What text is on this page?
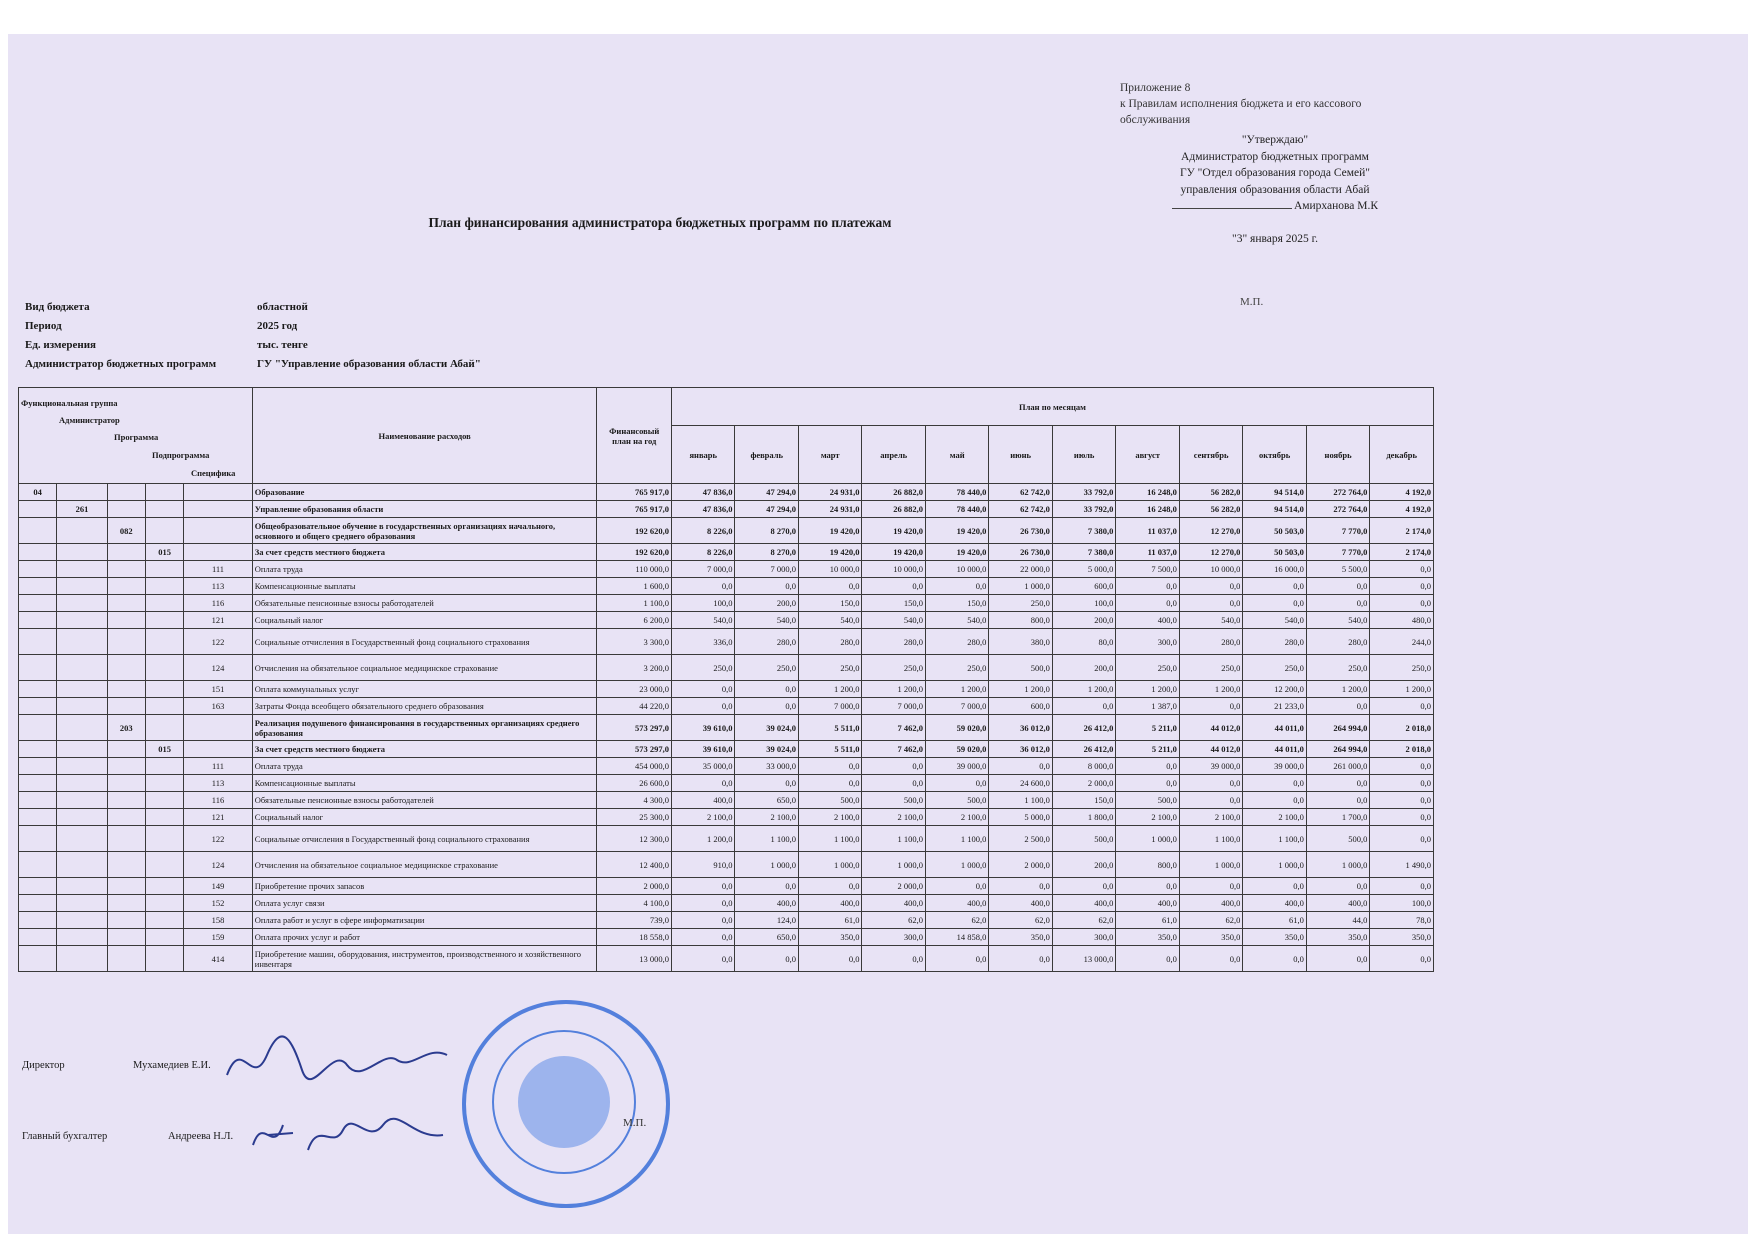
Приложение 8
к Правилам исполнения бюджета и его кассового
обслуживания
"Утверждаю"
Администратор бюджетных программ
ГУ "Отдел образования города Семей"
управления образования области Абай
Амирханова М.К
"3" января 2025 г.
План финансирования администратора бюджетных программ по платежам
М.П.
Вид бюджета	областной
Период	2025 год
Ед. измерения	тыс. тенге
Администратор бюджетных программ	ГУ "Управление образования области Абай"
Функциональная группа
Администратор
Программа
Подпрограмма
Специфика					Наименование расходов	Финансовый план на год	План по месяцам											
							январь	февраль	март	апрель	май	июнь	июль	август	сентябрь	октябрь	ноябрь	декабрь
04					Образование	765 917,0	47 836,0	47 294,0	24 931,0	26 882,0	78 440,0	62 742,0	33 792,0	16 248,0	56 282,0	94 514,0	272 764,0	4 192,0
	261				Управление образования области	765 917,0	47 836,0	47 294,0	24 931,0	26 882,0	78 440,0	62 742,0	33 792,0	16 248,0	56 282,0	94 514,0	272 764,0	4 192,0
		082			Общеобразовательное обучение в государственных организациях начального, основного и общего среднего образования	192 620,0	8 226,0	8 270,0	19 420,0	19 420,0	19 420,0	26 730,0	7 380,0	11 037,0	12 270,0	50 503,0	7 770,0	2 174,0
			015		За счет средств местного бюджета	192 620,0	8 226,0	8 270,0	19 420,0	19 420,0	19 420,0	26 730,0	7 380,0	11 037,0	12 270,0	50 503,0	7 770,0	2 174,0
				111	Оплата труда	110 000,0	7 000,0	7 000,0	10 000,0	10 000,0	10 000,0	22 000,0	5 000,0	7 500,0	10 000,0	16 000,0	5 500,0	0,0
				113	Компенсационные выплаты	1 600,0	0,0	0,0	0,0	0,0	0,0	1 000,0	600,0	0,0	0,0	0,0	0,0	0,0
				116	Обязательные пенсионные взносы работодателей	1 100,0	100,0	200,0	150,0	150,0	150,0	250,0	100,0	0,0	0,0	0,0	0,0	0,0
				121	Социальный налог	6 200,0	540,0	540,0	540,0	540,0	540,0	800,0	200,0	400,0	540,0	540,0	540,0	480,0
				122	Социальные отчисления в Государственный фонд социального страхования	3 300,0	336,0	280,0	280,0	280,0	280,0	380,0	80,0	300,0	280,0	280,0	280,0	244,0
				124	Отчисления на обязательное социальное медицинское страхование	3 200,0	250,0	250,0	250,0	250,0	250,0	500,0	200,0	250,0	250,0	250,0	250,0	250,0
				151	Оплата коммунальных услуг	23 000,0	0,0	0,0	1 200,0	1 200,0	1 200,0	1 200,0	1 200,0	1 200,0	1 200,0	12 200,0	1 200,0	1 200,0
				163	Затраты Фонда всеобщего обязательного среднего образования	44 220,0	0,0	0,0	7 000,0	7 000,0	7 000,0	600,0	0,0	1 387,0	0,0	21 233,0	0,0	0,0
		203			Реализация подушевого финансирования в государственных организациях среднего образования	573 297,0	39 610,0	39 024,0	5 511,0	7 462,0	59 020,0	36 012,0	26 412,0	5 211,0	44 012,0	44 011,0	264 994,0	2 018,0
			015		За счет средств местного бюджета	573 297,0	39 610,0	39 024,0	5 511,0	7 462,0	59 020,0	36 012,0	26 412,0	5 211,0	44 012,0	44 011,0	264 994,0	2 018,0
				111	Оплата труда	454 000,0	35 000,0	33 000,0	0,0	0,0	39 000,0	0,0	8 000,0	0,0	39 000,0	39 000,0	261 000,0	0,0
				113	Компенсационные выплаты	26 600,0	0,0	0,0	0,0	0,0	0,0	24 600,0	2 000,0	0,0	0,0	0,0	0,0	0,0
				116	Обязательные пенсионные взносы работодателей	4 300,0	400,0	650,0	500,0	500,0	500,0	1 100,0	150,0	500,0	0,0	0,0	0,0	0,0
				121	Социальный налог	25 300,0	2 100,0	2 100,0	2 100,0	2 100,0	2 100,0	5 000,0	1 800,0	2 100,0	2 100,0	2 100,0	1 700,0	0,0
				122	Социальные отчисления в Государственный фонд социального страхования	12 300,0	1 200,0	1 100,0	1 100,0	1 100,0	1 100,0	2 500,0	500,0	1 000,0	1 100,0	1 100,0	500,0	0,0
				124	Отчисления на обязательное социальное медицинское страхование	12 400,0	910,0	1 000,0	1 000,0	1 000,0	1 000,0	2 000,0	200,0	800,0	1 000,0	1 000,0	1 000,0	1 490,0
				149	Приобретение прочих запасов	2 000,0	0,0	0,0	0,0	2 000,0	0,0	0,0	0,0	0,0	0,0	0,0	0,0	0,0
				152	Оплата услуг связи	4 100,0	0,0	400,0	400,0	400,0	400,0	400,0	400,0	400,0	400,0	400,0	400,0	100,0
				158	Оплата работ и услуг в сфере информатизации	739,0	0,0	124,0	61,0	62,0	62,0	62,0	62,0	61,0	62,0	61,0	44,0	78,0
				159	Оплата прочих услуг и работ	18 558,0	0,0	650,0	350,0	300,0	14 858,0	350,0	300,0	350,0	350,0	350,0	350,0	350,0
				414	Приобретение машин, оборудования, инструментов, производственного и хозяйственного инвентаря	13 000,0	0,0	0,0	0,0	0,0	0,0	0,0	13 000,0	0,0	0,0	0,0	0,0	0,0
Директор	Мухамедиев Е.И.
Главный бухгалтер	Андреева Н.Л.
М.П.
